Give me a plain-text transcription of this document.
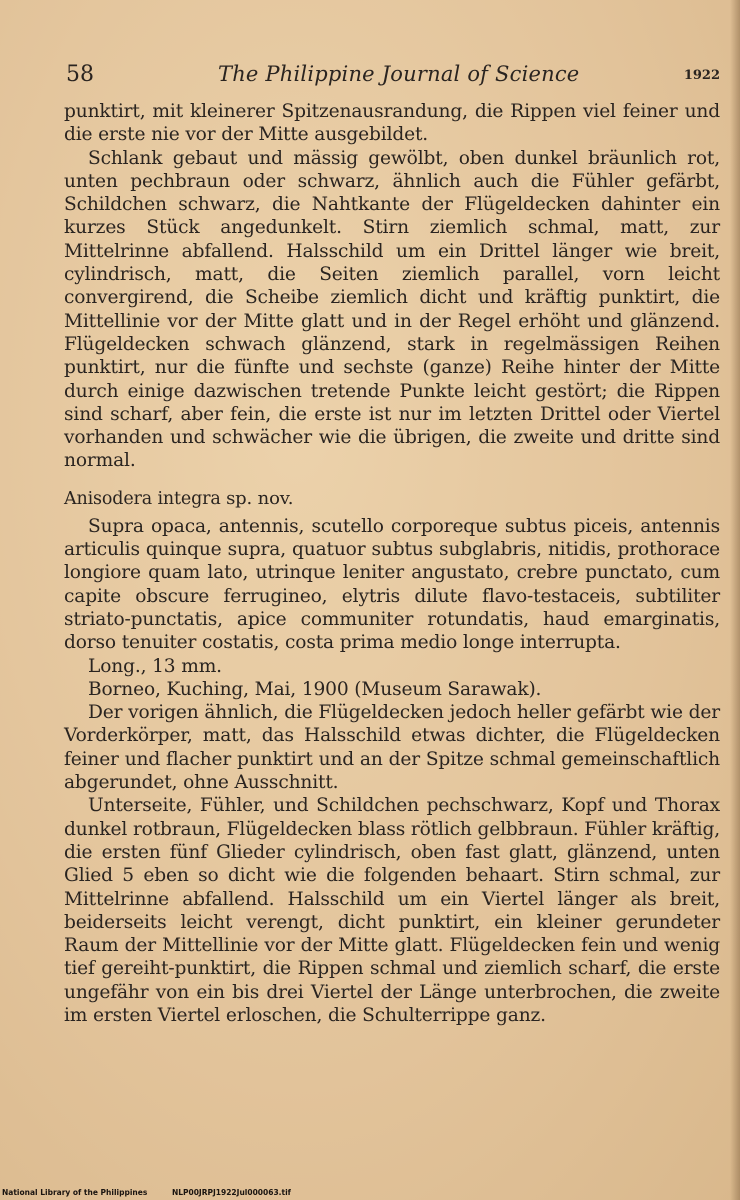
58	The Philippine Journal of Science	1922

punktirt, mit kleinerer Spitzenausrandung, die Rippen viel feiner und die erste nie vor der Mitte ausgebildet.

Schlank gebaut und mässig gewölbt, oben dunkel bräunlich rot, unten pechbraun oder schwarz, ähnlich auch die Fühler gefärbt, Schildchen schwarz, die Nahtkante der Flügeldecken dahinter ein kurzes Stück angedunkelt. Stirn ziemlich schmal, matt, zur Mittelrinne abfallend. Halsschild um ein Drittel länger wie breit, cylindrisch, matt, die Seiten ziemlich parallel, vorn leicht convergirend, die Scheibe ziemlich dicht und kräftig punktirt, die Mittellinie vor der Mitte glatt und in der Regel erhöht und glänzend. Flügeldecken schwach glänzend, stark in regelmässigen Reihen punktirt, nur die fünfte und sechste (ganze) Reihe hinter der Mitte durch einige dazwischen tretende Punkte leicht gestört; die Rippen sind scharf, aber fein, die erste ist nur im letzten Drittel oder Viertel vorhanden und schwächer wie die übrigen, die zweite und dritte sind normal.

Anisodera integra sp. nov.

Supra opaca, antennis, scutello corporeque subtus piceis, antennis articulis quinque supra, quatuor subtus subglabris, nitidis, prothorace longiore quam lato, utrinque leniter angustato, crebre punctato, cum capite obscure ferrugineo, elytris dilute flavo-testaceis, subtiliter striato-punctatis, apice communiter rotundatis, haud emarginatis, dorso tenuiter costatis, costa prima medio longe interrupta.

Long., 13 mm.

Borneo, Kuching, Mai, 1900 (Museum Sarawak).

Der vorigen ähnlich, die Flügeldecken jedoch heller gefärbt wie der Vorderkörper, matt, das Halsschild etwas dichter, die Flügeldecken feiner und flacher punktirt und an der Spitze schmal gemeinschaftlich abgerundet, ohne Ausschnitt.

Unterseite, Fühler, und Schildchen pechschwarz, Kopf und Thorax dunkel rotbraun, Flügeldecken blass rötlich gelbbraun. Fühler kräftig, die ersten fünf Glieder cylindrisch, oben fast glatt, glänzend, unten Glied 5 eben so dicht wie die folgenden behaart. Stirn schmal, zur Mittelrinne abfallend. Halsschild um ein Viertel länger als breit, beiderseits leicht verengt, dicht punktirt, ein kleiner gerundeter Raum der Mittellinie vor der Mitte glatt. Flügeldecken fein und wenig tief gereiht-punktirt, die Rippen schmal und ziemlich scharf, die erste ungefähr von ein bis drei Viertel der Länge unterbrochen, die zweite im ersten Viertel erloschen, die Schulterrippe ganz.

National Library of the Philippines	NLP00JRPJ1922Jul000063.tif
